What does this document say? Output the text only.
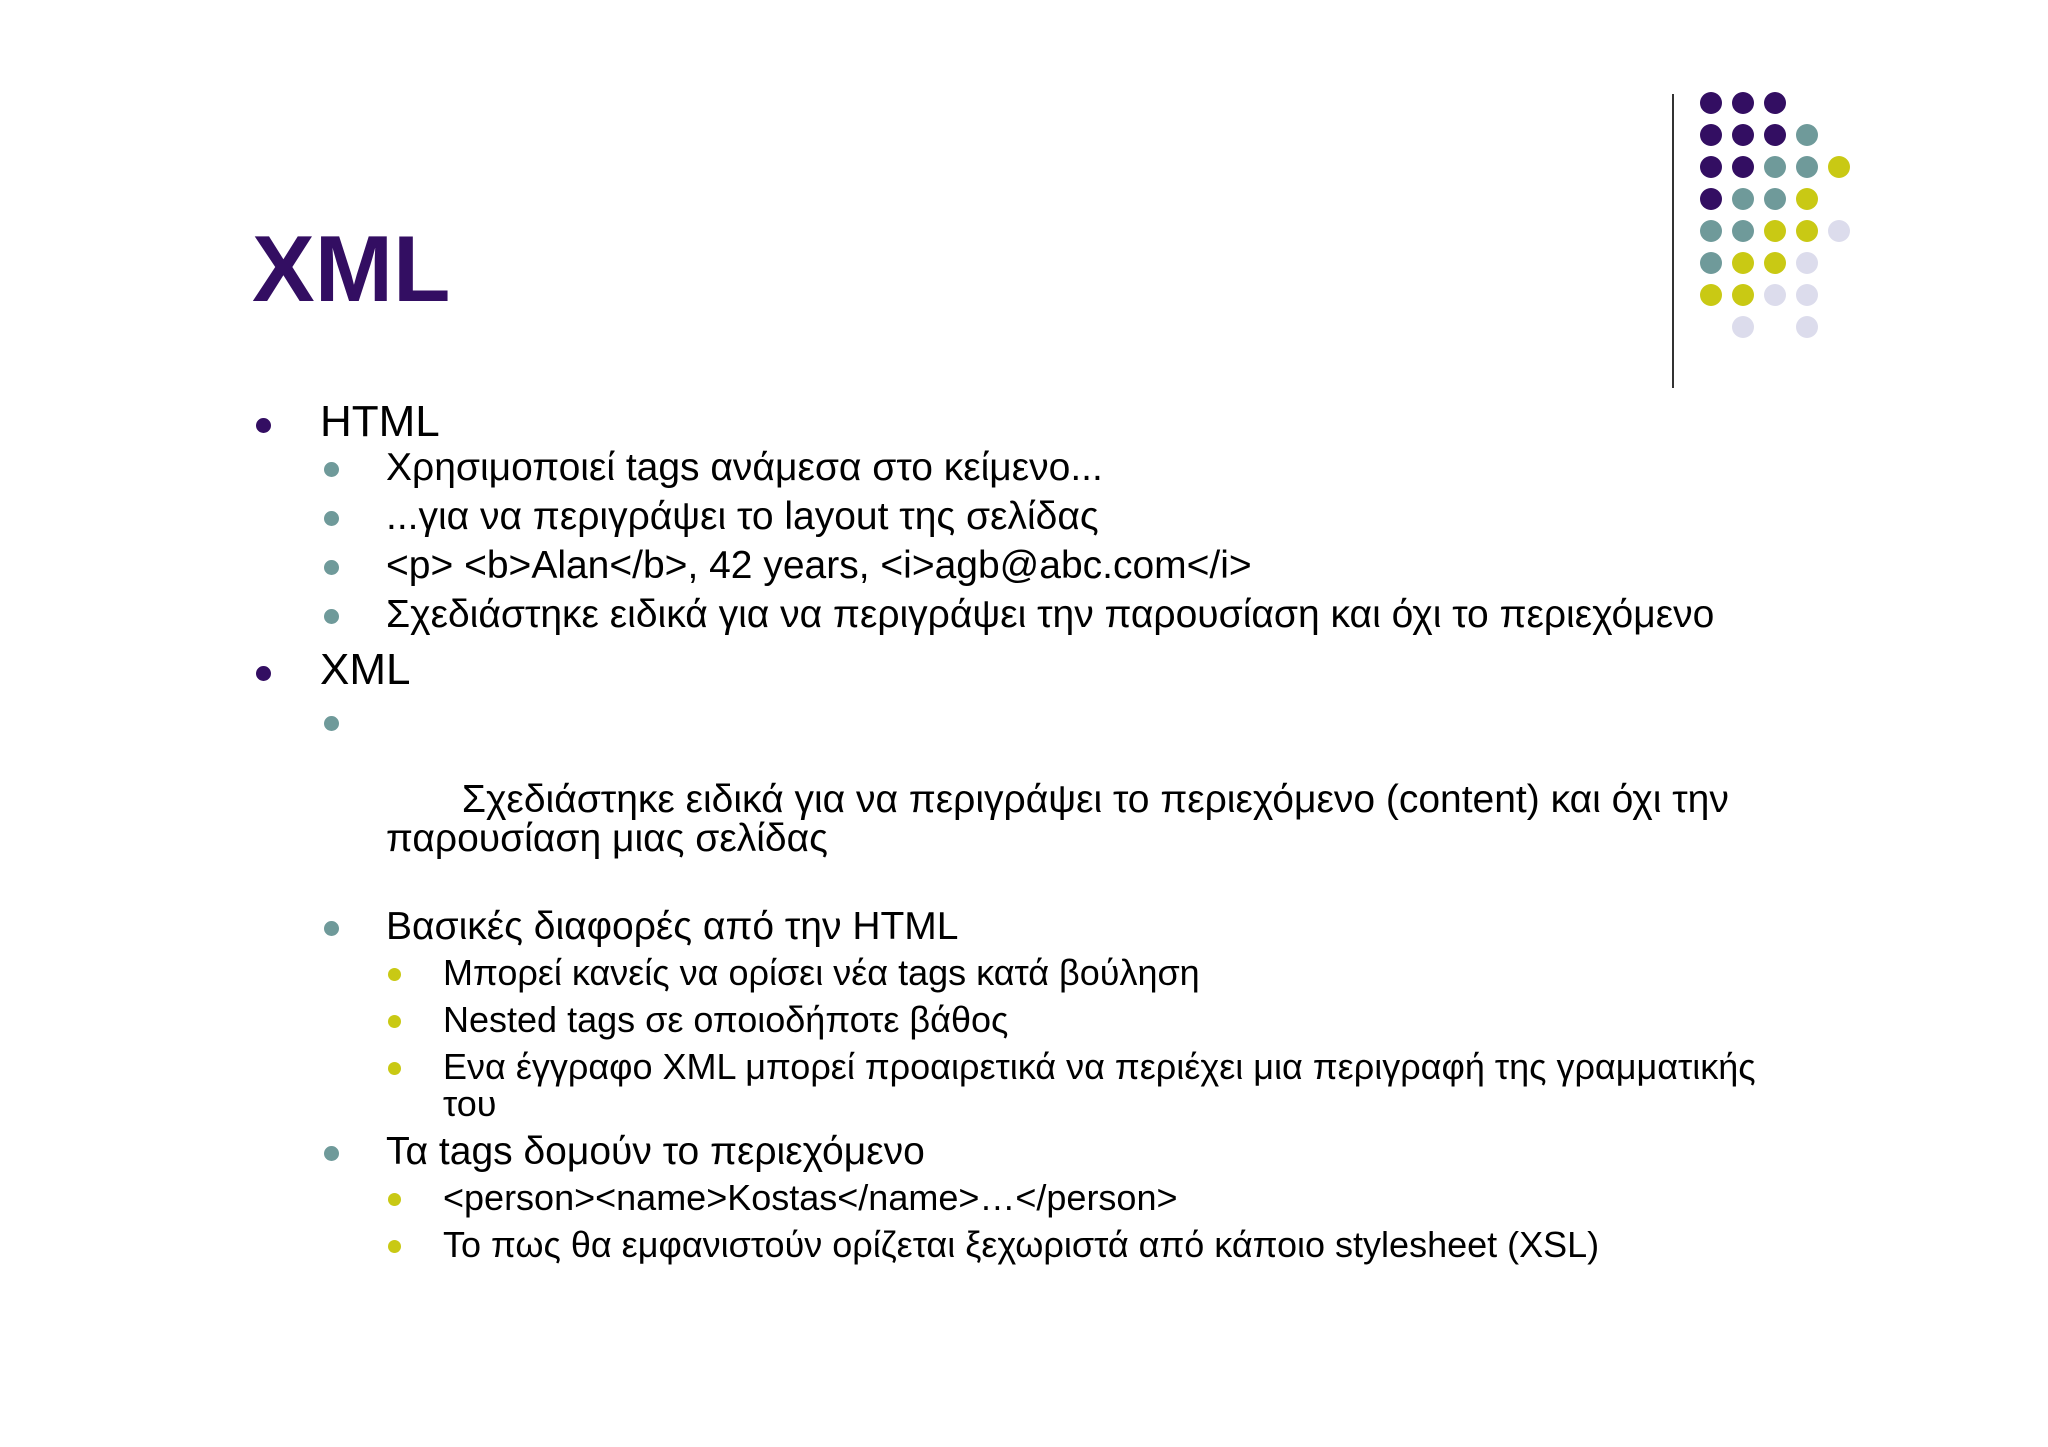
XML
HTML
Χρησιμοποιεί tags ανάμεσα στο κείμενο...
...για να περιγράψει το layout της σελίδας
<p> <b>Alan</b>, 42 years, <i>agb@abc.com</i>
Σχεδιάστηκε ειδικά για να περιγράψει την παρουσίαση και όχι το περιεχόμενο
XML

Σχεδιάστηκε ειδικά για να περιγράψει το περιεχόμενο (content) και όχι την παρουσίαση μιας σελίδας

Βασικές διαφορές από την HTML
Μπορεί κανείς να ορίσει νέα tags κατά βούληση
Nested tags σε οποιοδήποτε βάθος
Ενα έγγραφο XML μπορεί προαιρετικά να περιέχει μια περιγραφή της γραμματικής του
Τα tags δομούν το περιεχόμενο
<person><name>Kostas</name>…</person>
Το πως θα εμφανιστούν ορίζεται ξεχωριστά από κάποιο stylesheet (XSL)
